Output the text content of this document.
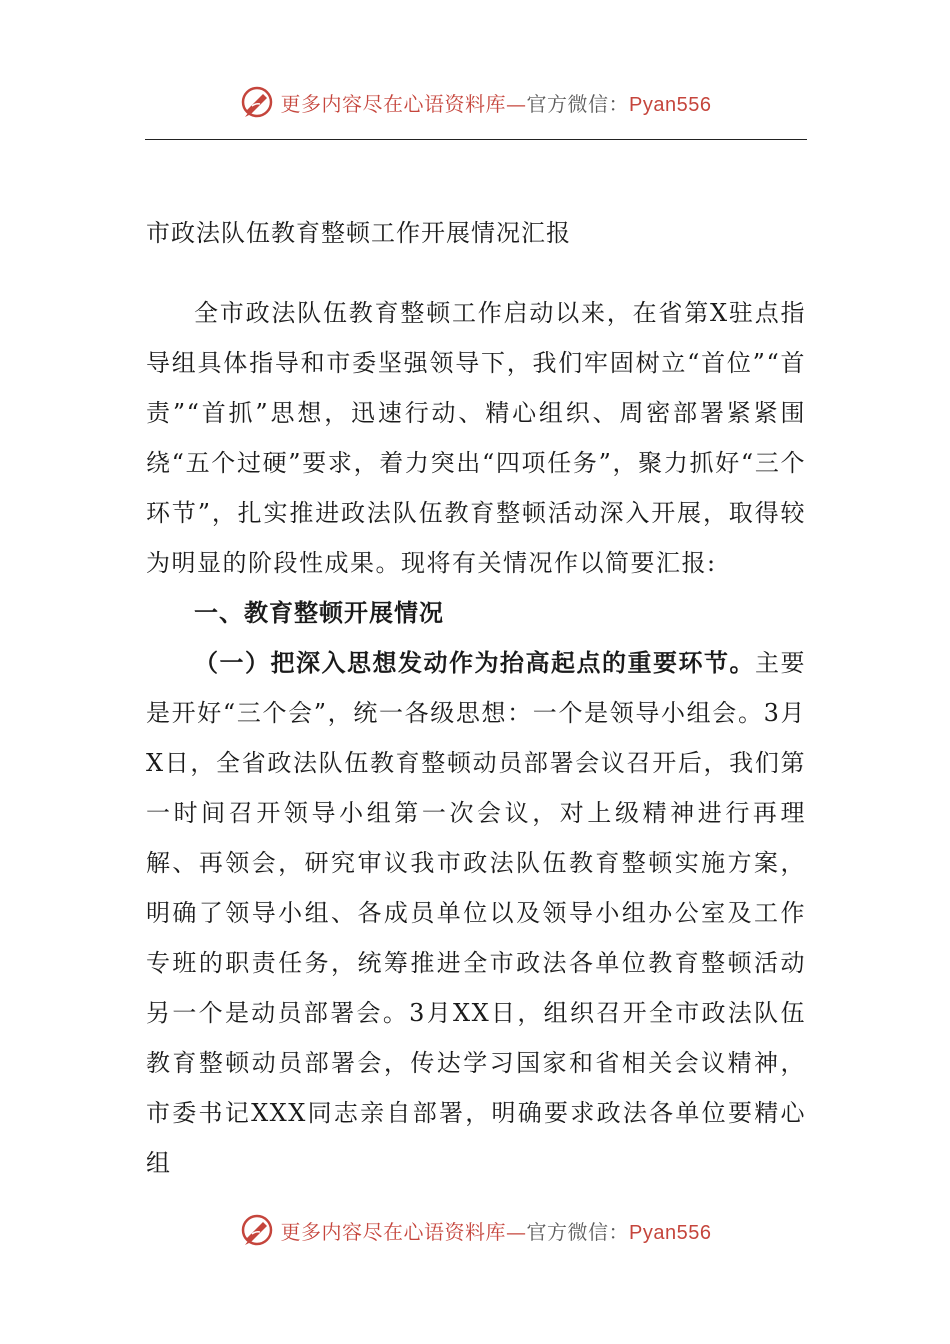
更多内容尽在心语资料库—官方微信：Pyan556
市政法队伍教育整顿工作开展情况汇报

全市政法队伍教育整顿工作启动以来，在省第X驻点指导组具体指导和市委坚强领导下，我们牢固树立“首位”“首责”“首抓”思想，迅速行动、精心组织、周密部署紧紧围绕“五个过硬”要求，着力突出“四项任务”，聚力抓好“三个环节”，扎实推进政法队伍教育整顿活动深入开展，取得较为明显的阶段性成果。现将有关情况作以简要汇报:

一、教育整顿开展情况

（一）把深入思想发动作为抬高起点的重要环节。主要是开好“三个会”，统一各级思想：一个是领导小组会。3月X日，全省政法队伍教育整顿动员部署会议召开后，我们第一时间召开领导小组第一次会议，对上级精神进行再理解、再领会，研究审议我市政法队伍教育整顿实施方案，明确了领导小组、各成员单位以及领导小组办公室及工作专班的职责任务，统筹推进全市政法各单位教育整顿活动另一个是动员部署会。3月XX日，组织召开全市政法队伍教育整顿动员部署会，传达学习国家和省相关会议精神，市委书记XXX同志亲自部署，明确要求政法各单位要精心组

更多内容尽在心语资料库—官方微信：Pyan556
